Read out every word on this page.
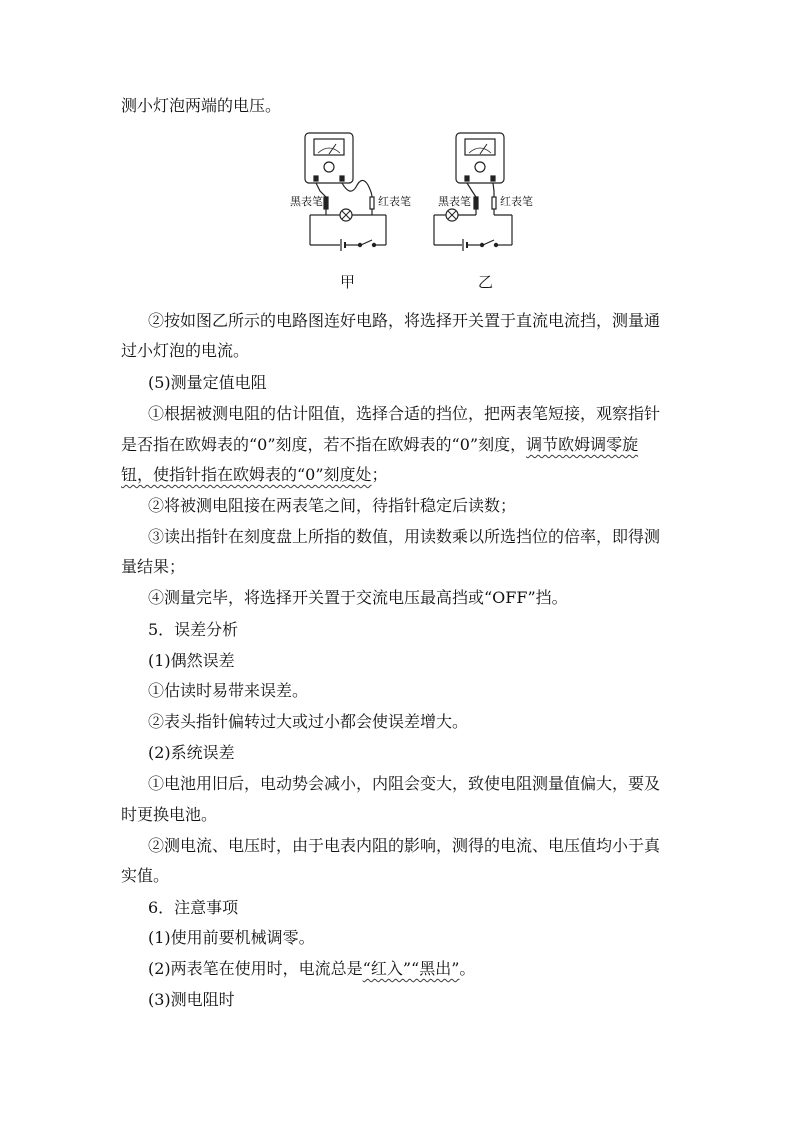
测小灯泡两端的电压。
黑表笔	红表笔 黑表笔	红表笔
甲	乙
②按如图乙所示的电路图连好电路，将选择开关置于直流电流挡，测量通
过小灯泡的电流。
(5)测量定值电阻
①根据被测电阻的估计阻值，选择合适的挡位，把两表笔短接，观察指针
是否指在欧姆表的“0”刻度，若不指在欧姆表的“0”刻度，调节欧姆调零旋
钮，使指针指在欧姆表的“0”刻度处；
②将被测电阻接在两表笔之间，待指针稳定后读数；
③读出指针在刻度盘上所指的数值，用读数乘以所选挡位的倍率，即得测
量结果；
④测量完毕，将选择开关置于交流电压最高挡或“OFF”挡。
5．误差分析
(1)偶然误差
①估读时易带来误差。
②表头指针偏转过大或过小都会使误差增大。
(2)系统误差
①电池用旧后，电动势会减小，内阻会变大，致使电阻测量值偏大，要及
时更换电池。
②测电流、电压时，由于电表内阻的影响，测得的电流、电压值均小于真
实值。
6．注意事项
(1)使用前要机械调零。
(2)两表笔在使用时，电流总是“红入”“黑出”。
(3)测电阻时
